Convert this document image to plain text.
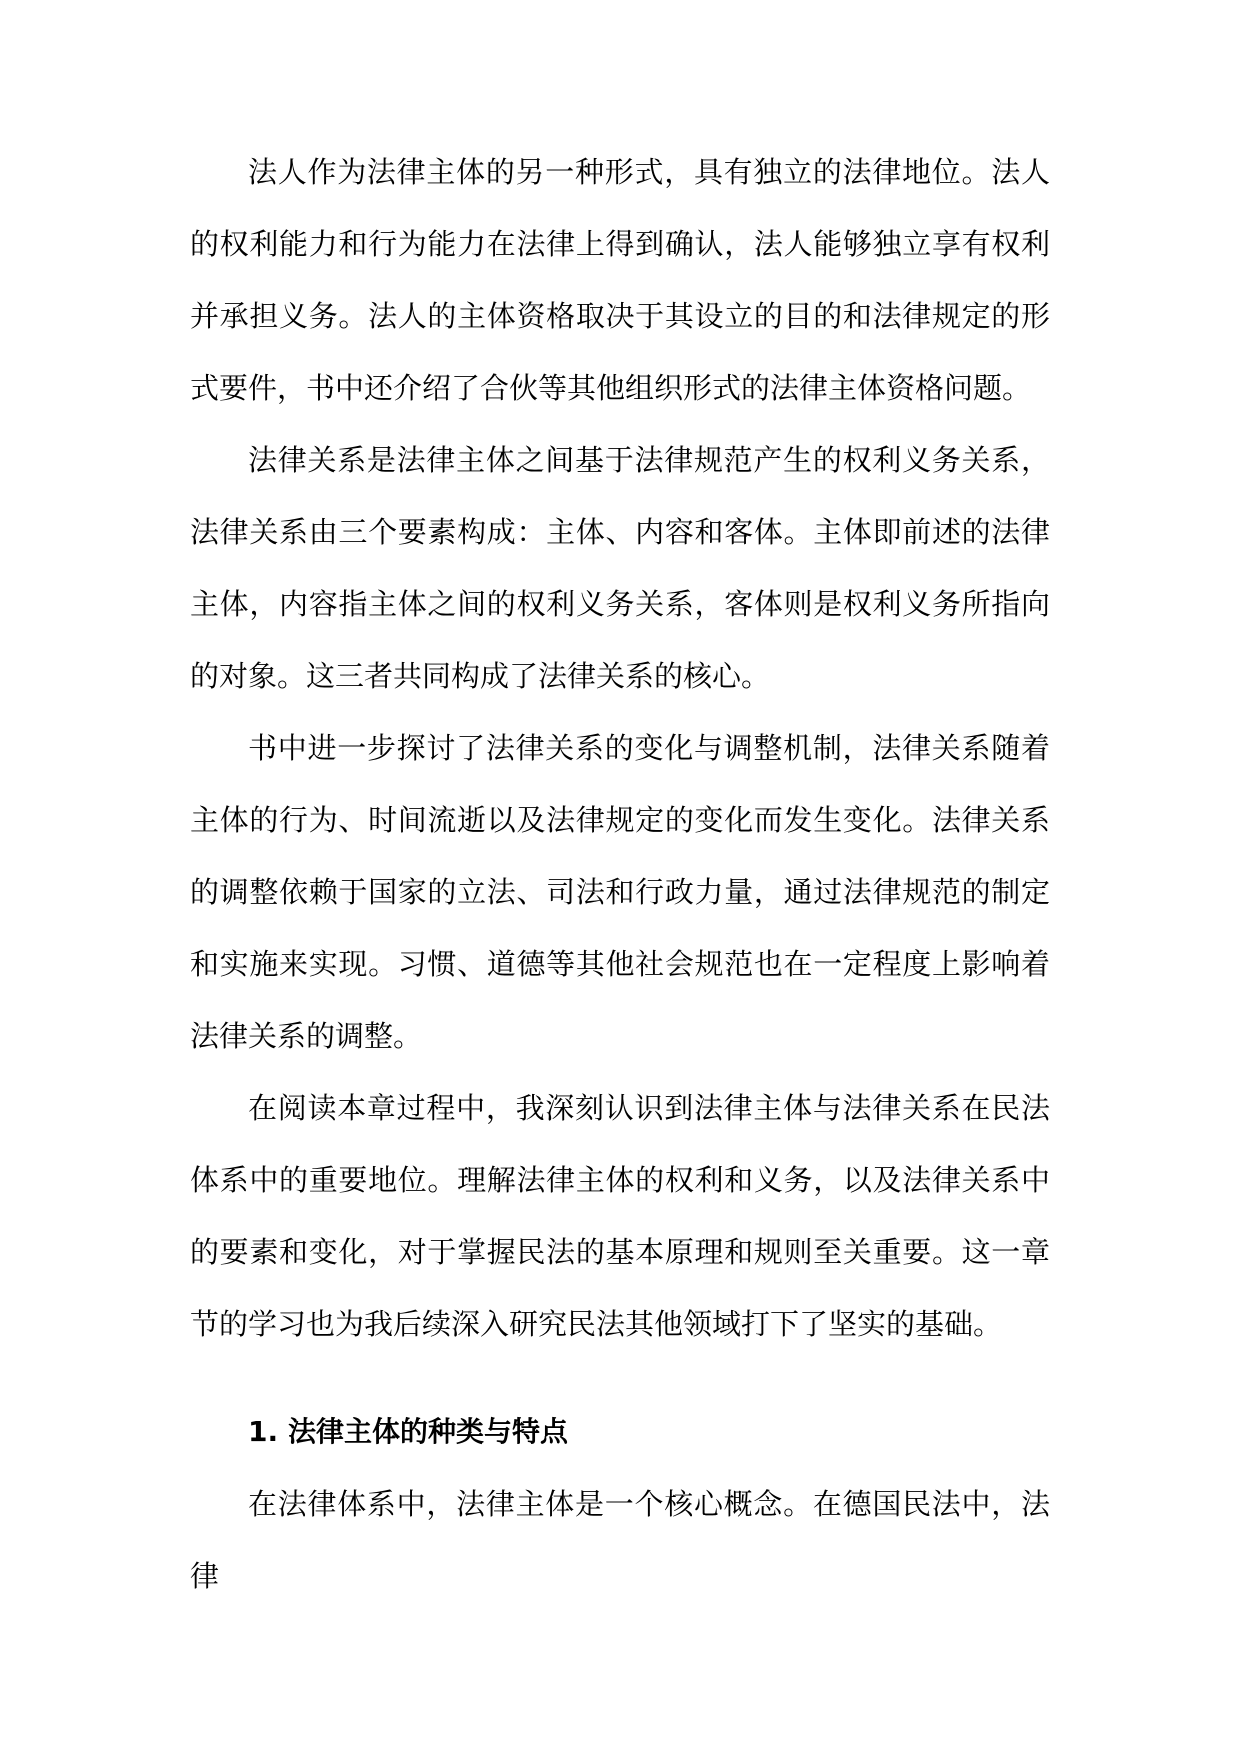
法人作为法律主体的另一种形式，具有独立的法律地位。法人的权利能力和行为能力在法律上得到确认，法人能够独立享有权利并承担义务。法人的主体资格取决于其设立的目的和法律规定的形式要件，书中还介绍了合伙等其他组织形式的法律主体资格问题。

法律关系是法律主体之间基于法律规范产生的权利义务关系，法律关系由三个要素构成：主体、内容和客体。主体即前述的法律主体，内容指主体之间的权利义务关系，客体则是权利义务所指向的对象。这三者共同构成了法律关系的核心。

书中进一步探讨了法律关系的变化与调整机制，法律关系随着主体的行为、时间流逝以及法律规定的变化而发生变化。法律关系的调整依赖于国家的立法、司法和行政力量，通过法律规范的制定和实施来实现。习惯、道德等其他社会规范也在一定程度上影响着法律关系的调整。

在阅读本章过程中，我深刻认识到法律主体与法律关系在民法体系中的重要地位。理解法律主体的权利和义务，以及法律关系中的要素和变化，对于掌握民法的基本原理和规则至关重要。这一章节的学习也为我后续深入研究民法其他领域打下了坚实的基础。

1. 法律主体的种类与特点

在法律体系中，法律主体是一个核心概念。在德国民法中，法律
